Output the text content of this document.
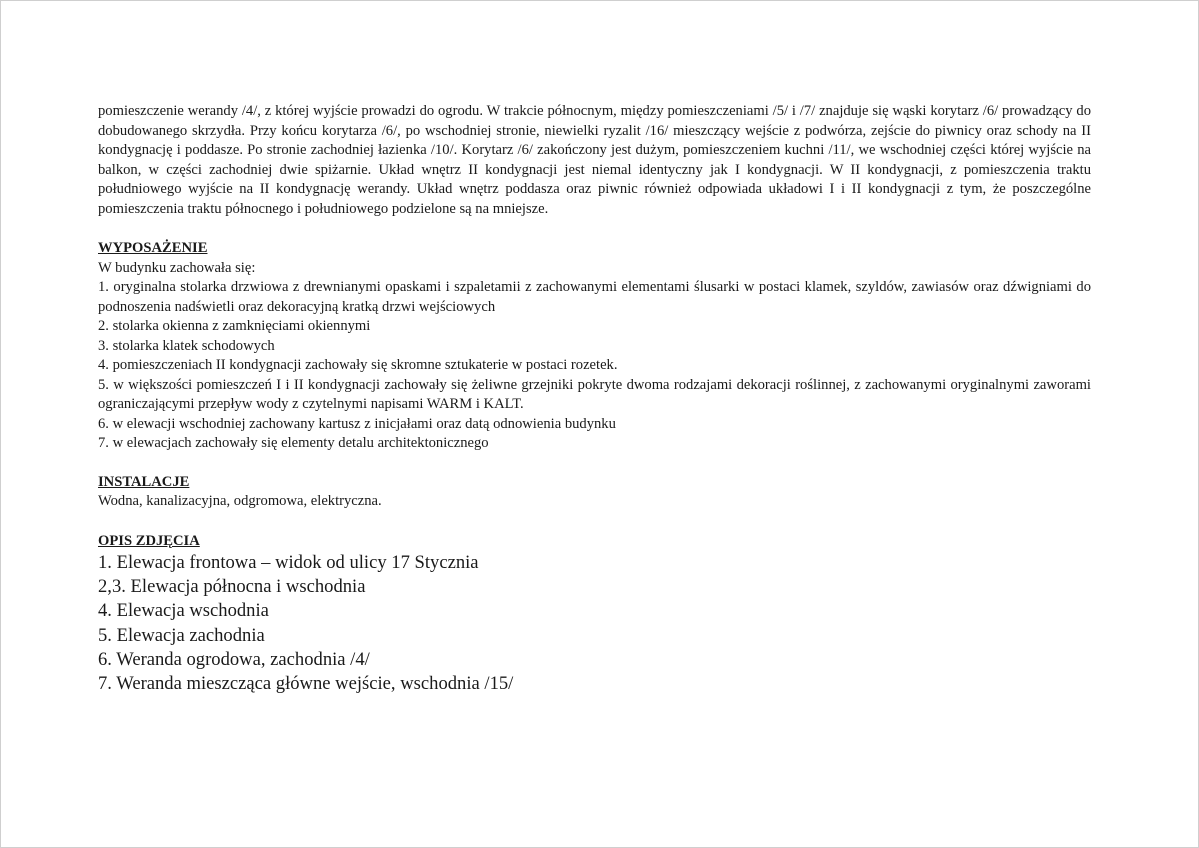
pomieszczenie werandy /4/, z której wyjście prowadzi do ogrodu. W trakcie północnym, między pomieszczeniami /5/ i /7/ znajduje się wąski korytarz /6/ prowadzący do dobudowanego skrzydła. Przy końcu korytarza /6/, po wschodniej stronie, niewielki ryzalit /16/ mieszczący wejście z podwórza, zejście do piwnicy oraz schody na II kondygnację i poddasze. Po stronie zachodniej łazienka /10/. Korytarz /6/ zakończony jest dużym, pomieszczeniem kuchni /11/, we wschodniej części której wyjście na balkon, w części zachodniej dwie spiżarnie. Układ wnętrz II kondygnacji jest niemal identyczny jak I kondygnacji. W II kondygnacji, z pomieszczenia traktu południowego wyjście na II kondygnację werandy. Układ wnętrz poddasza oraz piwnic również odpowiada układowi I i II kondygnacji z tym, że poszczególne pomieszczenia traktu północnego i południowego podzielone są na mniejsze.

WYPOSAŻENIE

W budynku zachowała się:

1. oryginalna stolarka drzwiowa z drewnianymi opaskami i szpaletamii z zachowanymi elementami ślusarki w postaci klamek, szyldów, zawiasów oraz dźwigniami do podnoszenia nadświetli oraz dekoracyjną kratką drzwi wejściowych
2. stolarka okienna z zamknięciami okiennymi
3. stolarka klatek schodowych
4. pomieszczeniach II kondygnacji zachowały się skromne sztukaterie w postaci rozetek.
5. w większości pomieszczeń I i II kondygnacji zachowały się żeliwne grzejniki pokryte dwoma rodzajami dekoracji roślinnej, z zachowanymi oryginalnymi zaworami ograniczającymi przepływ wody z czytelnymi napisami WARM i KALT.
6. w elewacji wschodniej zachowany kartusz z inicjałami oraz datą odnowienia budynku
7. w elewacjach zachowały się elementy detalu architektonicznego

INSTALACJE

Wodna, kanalizacyjna, odgromowa, elektryczna.

OPIS ZDJĘCIA

1. Elewacja frontowa – widok od ulicy 17 Stycznia
2,3. Elewacja północna i wschodnia
4. Elewacja wschodnia
5. Elewacja zachodnia
6. Weranda ogrodowa, zachodnia /4/
7. Weranda mieszcząca główne wejście, wschodnia /15/
